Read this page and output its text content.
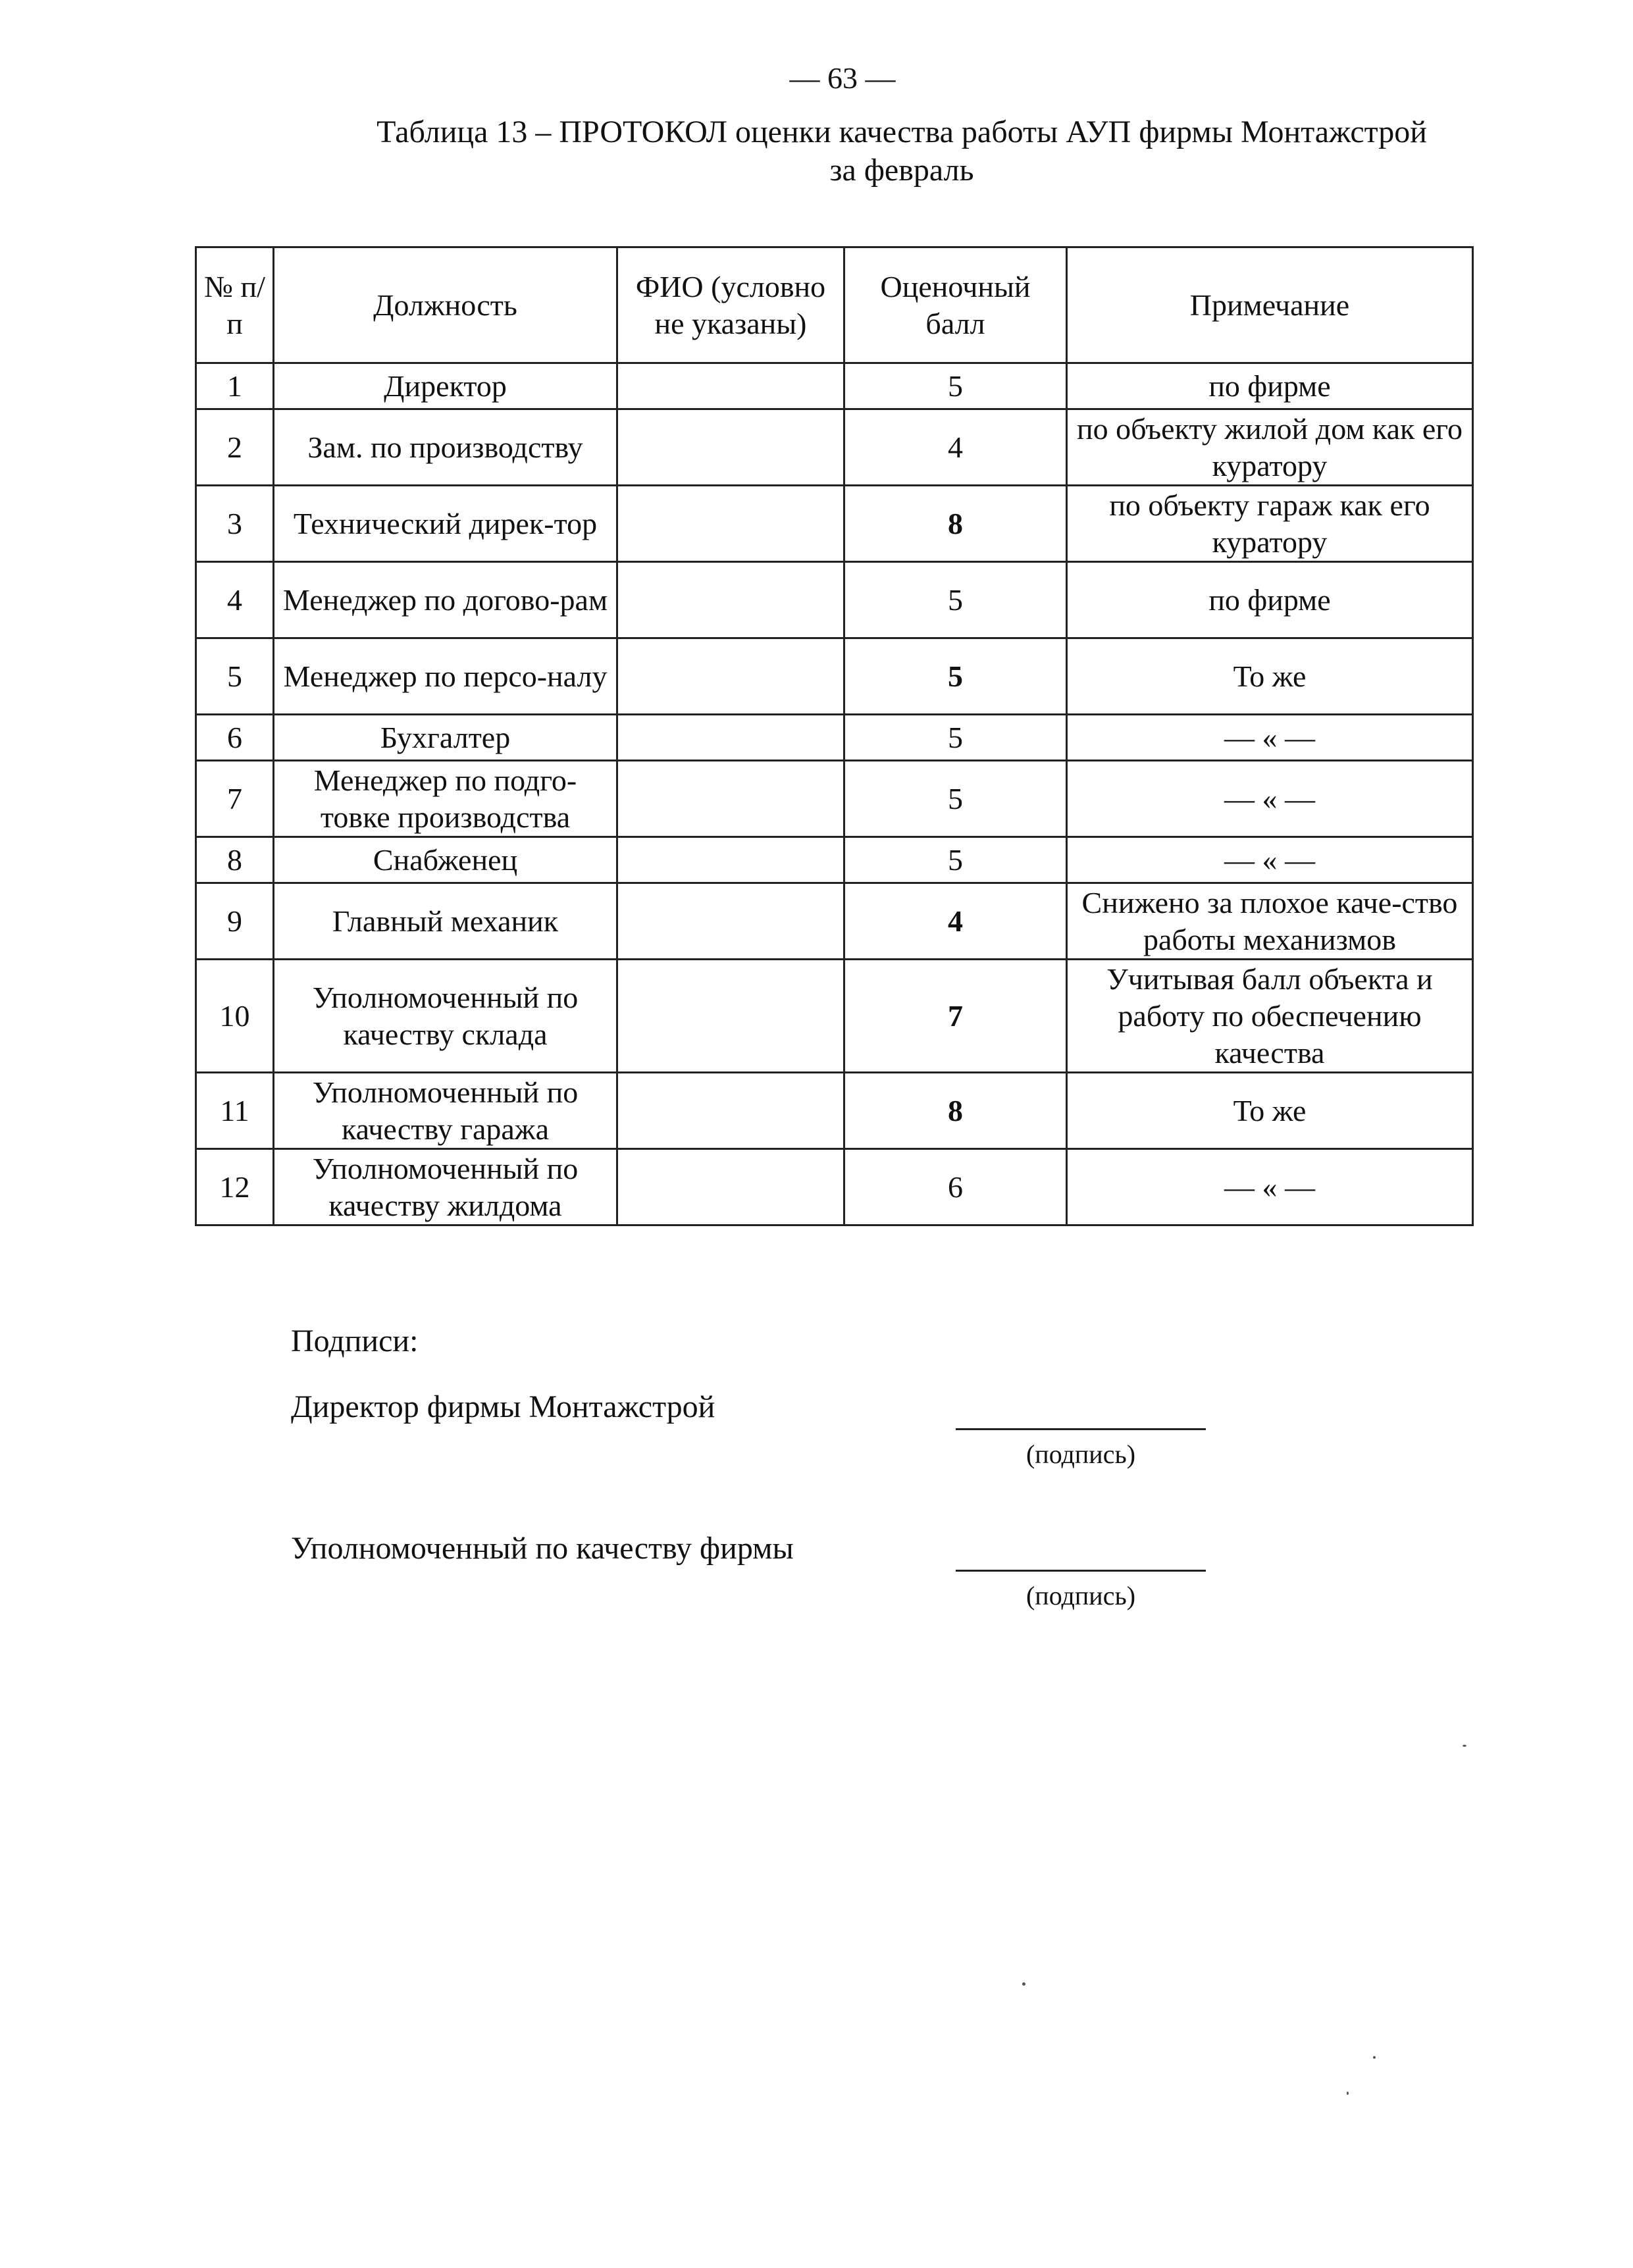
— 63 —
Таблица 13 – ПРОТОКОЛ оценки качества работы АУП фирмы Монтажстрой
за февраль
№ п/п	Должность	ФИО (условно не указаны)	Оценочный балл	Примечание
1	Директор		5	по фирме
2	Зам. по производству		4	по объекту жилой дом как его куратору
3	Технический дирек-тор		8	по объекту гараж как его куратору
4	Менеджер по догово-рам		5	по фирме
5	Менеджер по персо-налу		5	То же
6	Бухгалтер		5	— « —
7	Менеджер по подго-товке производства		5	— « —
8	Снабженец		5	— « —
9	Главный механик		4	Снижено за плохое каче-ство работы механизмов
10	Уполномоченный по качеству склада		7	Учитывая балл объекта и работу по обеспечению качества
11	Уполномоченный по качеству гаража		8	То же
12	Уполномоченный по качеству жилдома		6	— « —
Подписи:
Директор фирмы Монтажстрой
(подпись)
Уполномоченный по качеству фирмы
(подпись)
